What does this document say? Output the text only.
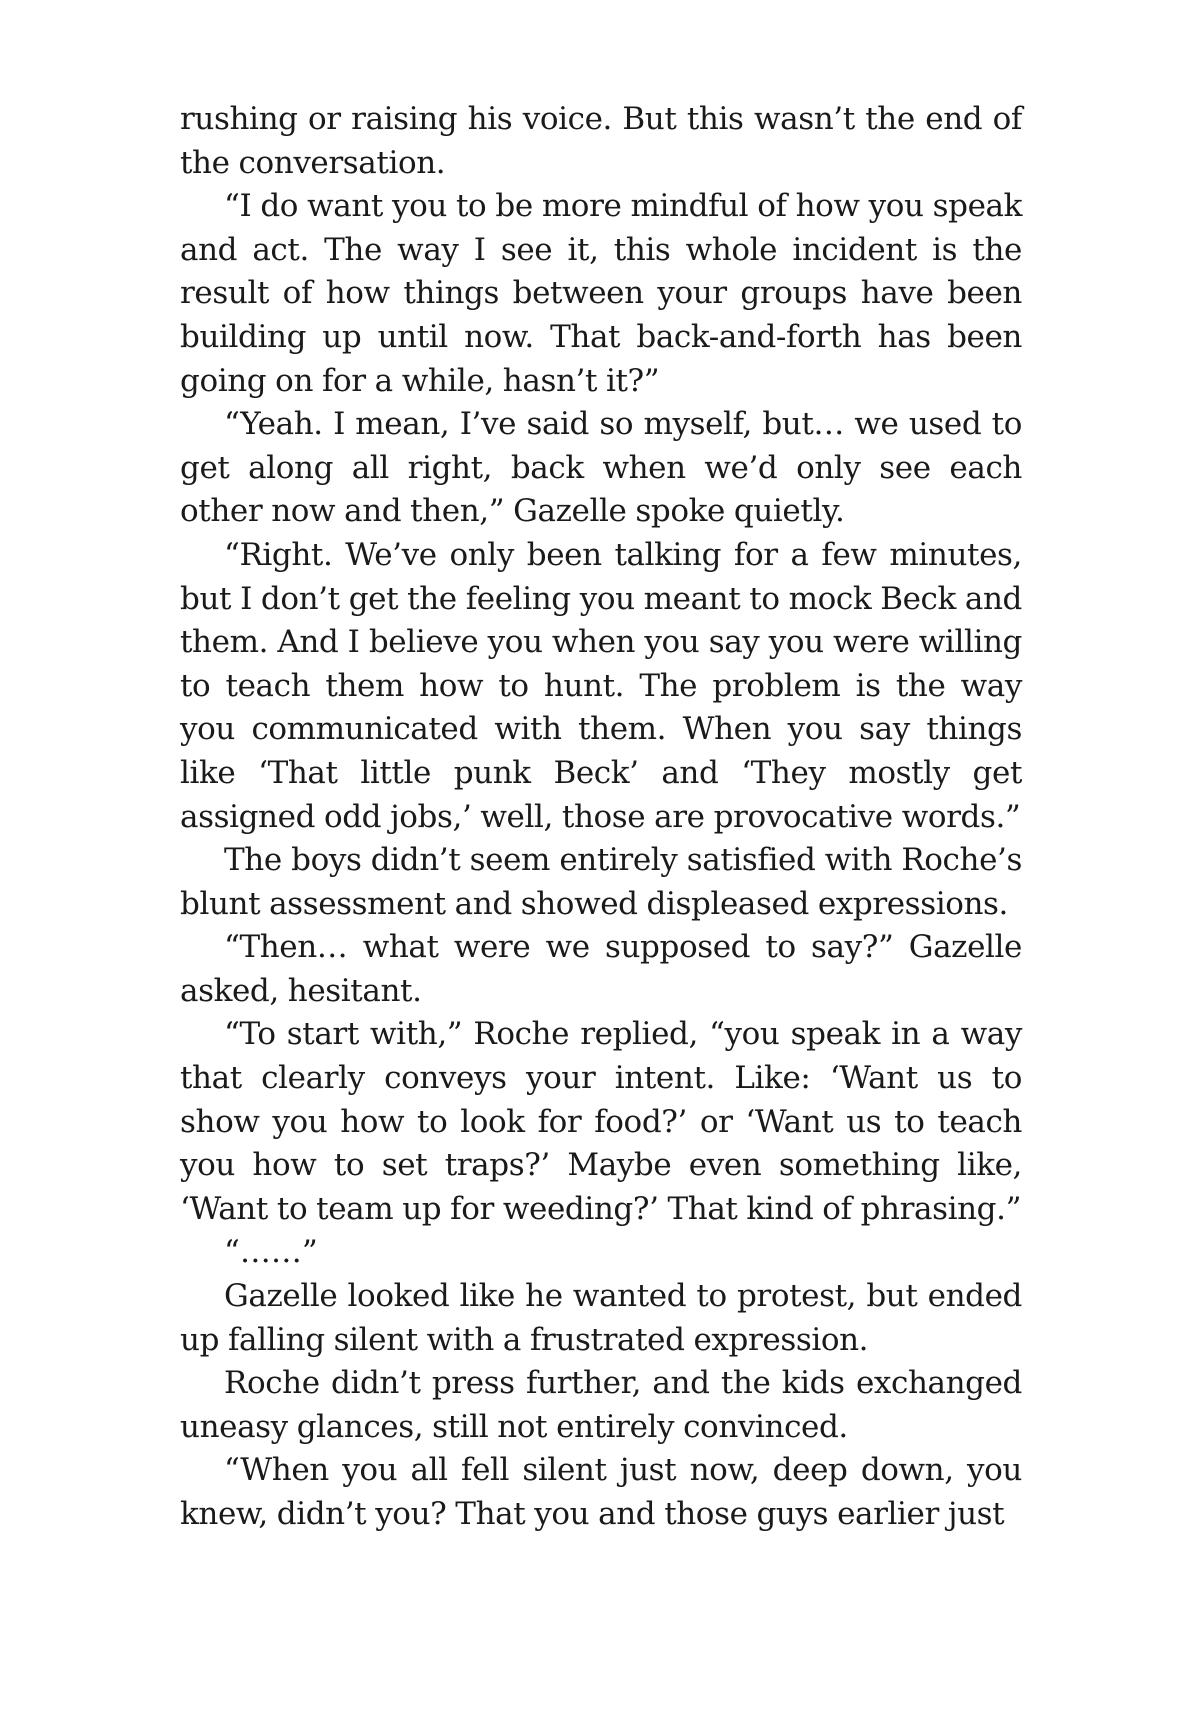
rushing or raising his voice. But this wasn’t the end of the conversation.

“I do want you to be more mindful of how you speak and act. The way I see it, this whole incident is the result of how things between your groups have been building up until now. That back-and-forth has been going on for a while, hasn’t it?”

“Yeah. I mean, I’ve said so myself, but… we used to get along all right, back when we’d only see each other now and then,” Gazelle spoke quietly.

“Right. We’ve only been talking for a few minutes, but I don’t get the feeling you meant to mock Beck and them. And I believe you when you say you were willing to teach them how to hunt. The problem is the way you communicated with them. When you say things like ‘That little punk Beck’ and ‘They mostly get assigned odd jobs,’ well, those are provocative words.”

The boys didn’t seem entirely satisfied with Roche’s blunt assessment and showed displeased expressions.

“Then… what were we supposed to say?” Gazelle asked, hesitant.

“To start with,” Roche replied, “you speak in a way that clearly conveys your intent. Like: ‘Want us to show you how to look for food?’ or ‘Want us to teach you how to set traps?’ Maybe even something like, ‘Want to team up for weeding?’ That kind of phrasing.”

“……”

Gazelle looked like he wanted to protest, but ended up falling silent with a frustrated expression.

Roche didn’t press further, and the kids exchanged uneasy glances, still not entirely convinced.

“When you all fell silent just now, deep down, you knew, didn’t you? That you and those guys earlier just
